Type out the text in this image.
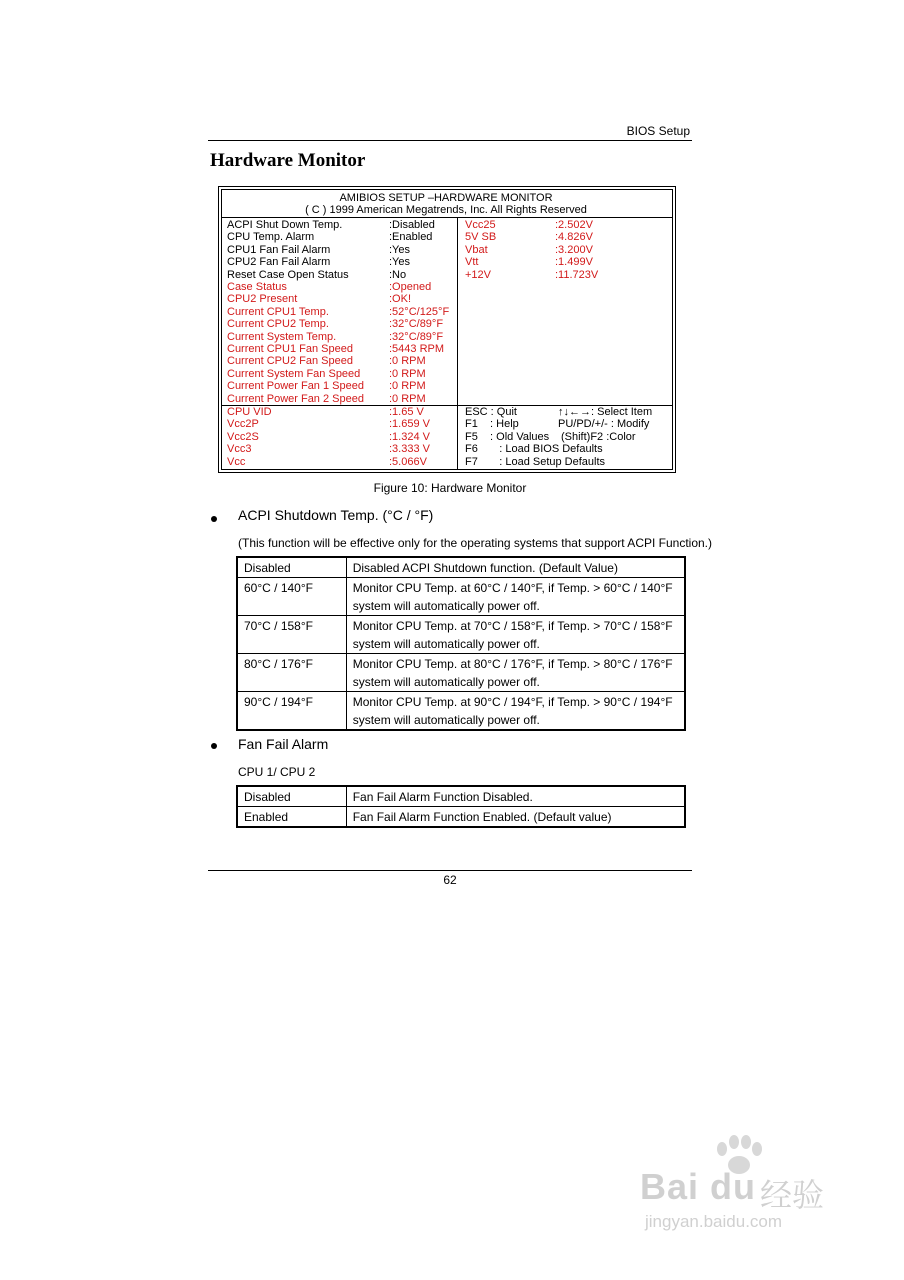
BIOS Setup
Hardware Monitor
AMIBIOS SETUP –HARDWARE MONITOR
( C ) 1999 American Megatrends, Inc. All Rights Reserved
ACPI Shut Down Temp.	:Disabled
CPU Temp. Alarm	:Enabled
CPU1 Fan Fail Alarm	:Yes
CPU2 Fan Fail Alarm	:Yes
Reset Case Open Status	:No
Case Status	:Opened
CPU2 Present	:OK!
Current CPU1 Temp.	:52°C/125°F
Current CPU2 Temp.	:32°C/89°F
Current System Temp.	:32°C/89°F
Current CPU1 Fan Speed	:5443 RPM
Current CPU2 Fan Speed	:0 RPM
Current System Fan Speed	:0 RPM
Current Power Fan 1 Speed :0 RPM
Current Power Fan 2 Speed :0 RPM
CPU VID	:1.65 V
Vcc2P	:1.659 V
Vcc2S	:1.324 V
Vcc3	:3.333 V
Vcc	:5.066V
Vcc25	:2.502V
5V SB	:4.826V
Vbat	:3.200V
Vtt	:1.499V
+12V	:11.723V
ESC : Quit	↑↓←→: Select Item
F1    : Help	PU/PD/+/- : Modify
F5    : Old Values (Shift)F2 :Color
F6       : Load BIOS Defaults
F7       : Load Setup Defaults
Figure 10: Hardware Monitor
ACPI Shutdown Temp. (°C / °F)
(This function will be effective only for the operating systems that support ACPI Function.)
Disabled	Disabled ACPI Shutdown function. (Default Value)

60°C / 140°F	Monitor CPU Temp. at 60°C / 140°F, if Temp. > 60°C / 140°F
system will automatically power off.

70°C / 158°F	Monitor CPU Temp. at 70°C / 158°F, if Temp. > 70°C / 158°F
system will automatically power off.

80°C / 176°F	Monitor CPU Temp. at 80°C / 176°F, if Temp. > 80°C / 176°F
system will automatically power off.

90°C / 194°F	Monitor CPU Temp. at 90°C / 194°F, if Temp. > 90°C / 194°F
system will automatically power off.
Fan Fail Alarm
CPU 1/ CPU 2
Disabled	Fan Fail Alarm Function Disabled.
Enabled	Fan Fail Alarm Function Enabled. (Default value)
62
Bai du 经验
jingyan.baidu.com
